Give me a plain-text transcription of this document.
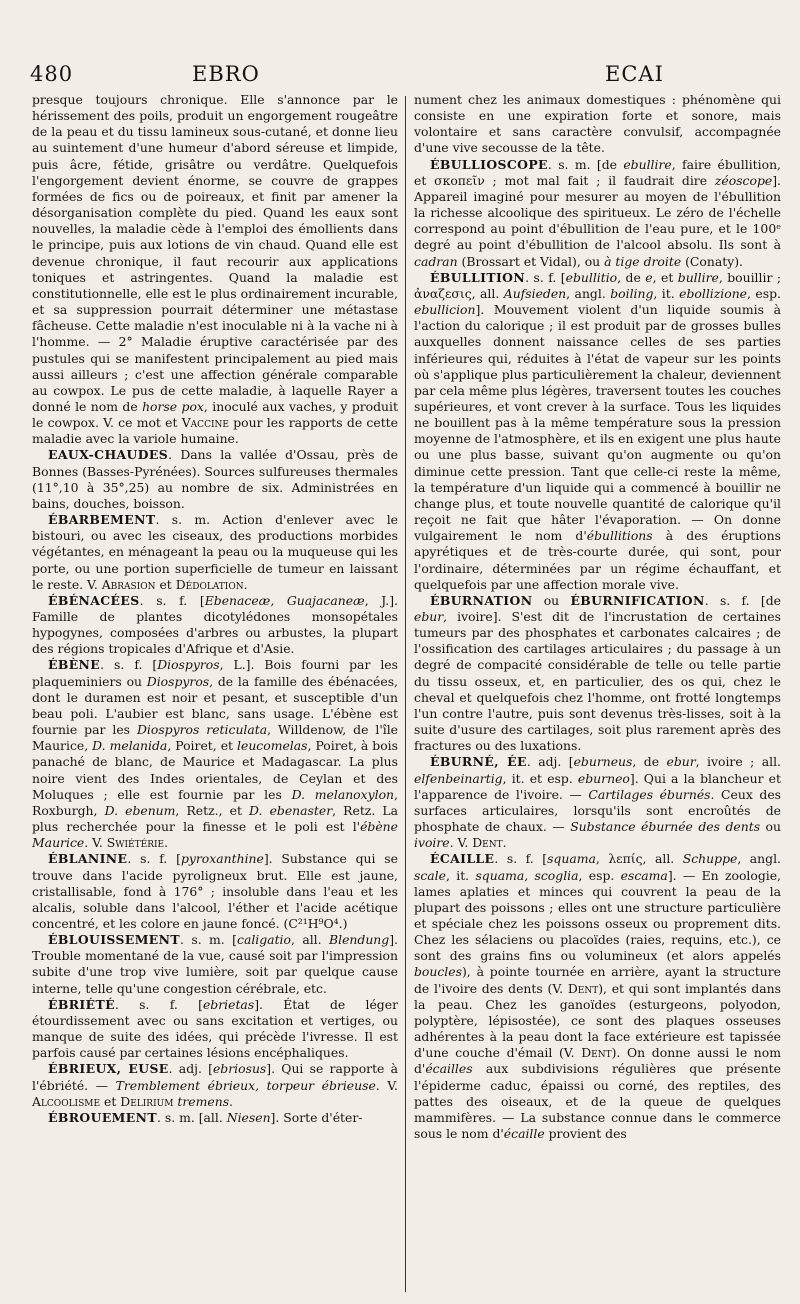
480	EBRO	ECAI

presque toujours chronique. Elle s'annonce par le hérissement des poils, produit un engorgement rougeâtre de la peau et du tissu lamineux sous-cutané, et donne lieu au suintement d'une humeur d'abord séreuse et limpide, puis âcre, fétide, grisâtre ou verdâtre. Quelquefois l'engorgement devient énorme, se couvre de grappes formées de fics ou de poireaux, et finit par amener la désorganisation complète du pied. Quand les eaux sont nouvelles, la maladie cède à l'emploi des émollients dans le principe, puis aux lotions de vin chaud. Quand elle est devenue chronique, il faut recourir aux applications toniques et astringentes. Quand la maladie est constitutionnelle, elle est le plus ordinairement incurable, et sa suppression pourrait déterminer une métastase fâcheuse. Cette maladie n'est inoculable ni à la vache ni à l'homme. — 2° Maladie éruptive caractérisée par des pustules qui se manifestent principalement au pied mais aussi ailleurs ; c'est une affection générale comparable au cowpox. Le pus de cette maladie, à laquelle Rayer a donné le nom de horse pox, inoculé aux vaches, y produit le cowpox. V. ce mot et Vaccine pour les rapports de cette maladie avec la variole humaine.

EAUX-CHAUDES. Dans la vallée d'Ossau, près de Bonnes (Basses-Pyrénées). Sources sulfureuses thermales (11°,10 à 35°,25) au nombre de six. Administrées en bains, douches, boisson.

ÉBARBEMENT. s. m. Action d'enlever avec le bistouri, ou avec les ciseaux, des productions morbides végétantes, en ménageant la peau ou la muqueuse qui les porte, ou une portion superficielle de tumeur en laissant le reste. V. Abrasion et Dédolation.

ÉBÉNACÉES. s. f. [Ebenaceæ, Guajacaneæ, J.]. Famille de plantes dicotylédones monsopétales hypogynes, composées d'arbres ou arbustes, la plupart des régions tropicales d'Afrique et d'Asie.

ÉBÈNE. s. f. [Diospyros, L.]. Bois fourni par les plaqueminiers ou Diospyros, de la famille des ébénacées, dont le duramen est noir et pesant, et susceptible d'un beau poli. L'aubier est blanc, sans usage. L'ébène est fournie par les Diospyros reticulata, Willdenow, de l'île Maurice, D. melanida, Poiret, et leucomelas, Poiret, à bois panaché de blanc, de Maurice et Madagascar. La plus noire vient des Indes orientales, de Ceylan et des Moluques ; elle est fournie par les D. melanoxylon, Roxburgh, D. ebenum, Retz., et D. ebenaster, Retz. La plus recherchée pour la finesse et le poli est l'ébène Maurice. V. Swiétérie.

ÉBLANINE. s. f. [pyroxanthine]. Substance qui se trouve dans l'acide pyroligneux brut. Elle est jaune, cristallisable, fond à 176° ; insoluble dans l'eau et les alcalis, soluble dans l'alcool, l'éther et l'acide acétique concentré, et les colore en jaune foncé. (C²¹H⁹O⁴.)

ÉBLOUISSEMENT. s. m. [caligatio, all. Blendung]. Trouble momentané de la vue, causé soit par l'impression subite d'une trop vive lumière, soit par quelque cause interne, telle qu'une congestion cérébrale, etc.

ÉBRIÉTÉ. s. f. [ebrietas]. État de léger étourdissement avec ou sans excitation et vertiges, ou manque de suite des idées, qui précède l'ivresse. Il est parfois causé par certaines lésions encéphaliques.

ÉBRIEUX, EUSE. adj. [ebriosus]. Qui se rapporte à l'ébriété. — Tremblement ébrieux, torpeur ébrieuse. V. Alcoolisme et Delirium tremens.

ÉBROUEMENT. s. m. [all. Niesen]. Sorte d'éter-

nument chez les animaux domestiques : phénomène qui consiste en une expiration forte et sonore, mais volontaire et sans caractère convulsif, accompagnée d'une vive secousse de la tête.

ÉBULLIOSCOPE. s. m. [de ebullire, faire ébullition, et σκοπεῖν ; mot mal fait ; il faudrait dire zéoscope]. Appareil imaginé pour mesurer au moyen de l'ébullition la richesse alcoolique des spiritueux. Le zéro de l'échelle correspond au point d'ébullition de l'eau pure, et le 100ᵉ degré au point d'ébullition de l'alcool absolu. Ils sont à cadran (Brossart et Vidal), ou à tige droite (Conaty).

ÉBULLITION. s. f. [ebullitio, de e, et bullire, bouillir ; ἀναζεσις, all. Aufsieden, angl. boiling, it. ebollizione, esp. ebullicion]. Mouvement violent d'un liquide soumis à l'action du calorique ; il est produit par de grosses bulles auxquelles donnent naissance celles de ses parties inférieures qui, réduites à l'état de vapeur sur les points où s'applique plus particulièrement la chaleur, deviennent par cela même plus légères, traversent toutes les couches supérieures, et vont crever à la surface. Tous les liquides ne bouillent pas à la même température sous la pression moyenne de l'atmosphère, et ils en exigent une plus haute ou une plus basse, suivant qu'on augmente ou qu'on diminue cette pression. Tant que celle-ci reste la même, la température d'un liquide qui a commencé à bouillir ne change plus, et toute nouvelle quantité de calorique qu'il reçoit ne fait que hâter l'évaporation. — On donne vulgairement le nom d'ébullitions à des éruptions apyrétiques et de très-courte durée, qui sont, pour l'ordinaire, déterminées par un régime échauffant, et quelquefois par une affection morale vive.

ÉBURNATION ou ÉBURNIFICATION. s. f. [de ebur, ivoire]. S'est dit de l'incrustation de certaines tumeurs par des phosphates et carbonates calcaires ; de l'ossification des cartilages articulaires ; du passage à un degré de compacité considérable de telle ou telle partie du tissu osseux, et, en particulier, des os qui, chez le cheval et quelquefois chez l'homme, ont frotté longtemps l'un contre l'autre, puis sont devenus très-lisses, soit à la suite d'usure des cartilages, soit plus rarement après des fractures ou des luxations.

ÉBURNÉ, ÉE. adj. [eburneus, de ebur, ivoire ; all. elfenbeinartig, it. et esp. eburneo]. Qui a la blancheur et l'apparence de l'ivoire. — Cartilages éburnés. Ceux des surfaces articulaires, lorsqu'ils sont encroûtés de phosphate de chaux. — Substance éburnée des dents ou ivoire. V. Dent.

ÉCAILLE. s. f. [squama, λεπίς, all. Schuppe, angl. scale, it. squama, scoglia, esp. escama]. — En zoologie, lames aplaties et minces qui couvrent la peau de la plupart des poissons ; elles ont une structure particulière et spéciale chez les poissons osseux ou proprement dits. Chez les sélaciens ou placoïdes (raies, requins, etc.), ce sont des grains fins ou volumineux (et alors appelés boucles), à pointe tournée en arrière, ayant la structure de l'ivoire des dents (V. Dent), et qui sont implantés dans la peau. Chez les ganoïdes (esturgeons, polyodon, polyptère, lépisostée), ce sont des plaques osseuses adhérentes à la peau dont la face extérieure est tapissée d'une couche d'émail (V. Dent). On donne aussi le nom d'écailles aux subdivisions régulières que présente l'épiderme caduc, épaissi ou corné, des reptiles, des pattes des oiseaux, et de la queue de quelques mammifères. — La substance connue dans le commerce sous le nom d'écaille provient des
